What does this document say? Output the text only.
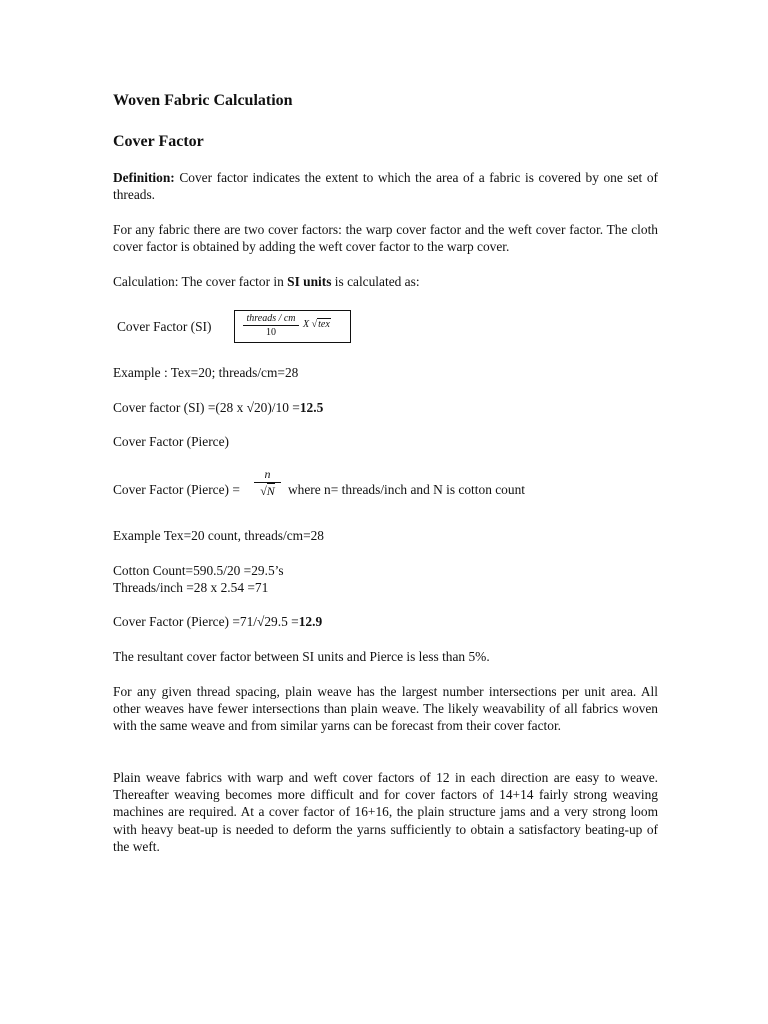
Woven Fabric Calculation
Cover Factor
Definition: Cover factor indicates the extent to which the area of a fabric is covered by one set of threads.
For any fabric there are two cover factors: the warp cover factor and the weft cover factor. The cloth cover factor is obtained by adding the weft cover factor to the warp cover.
Calculation: The cover factor in SI units is calculated as:
Cover Factor (SI)
threads / cm
10
X √tex
Example : Tex=20; threads/cm=28
Cover factor (SI) =(28 x √20)/10 =12.5
Cover Factor (Pierce)
Cover Factor (Pierce) =
n
√N where n= threads/inch and N is cotton count
Example Tex=20 count, threads/cm=28
Cotton Count=590.5/20 =29.5’s
Threads/inch =28 x 2.54 =71
Cover Factor (Pierce) =71/√29.5 =12.9
The resultant cover factor between SI units and Pierce is less than 5%.
For any given thread spacing, plain weave has the largest number intersections per unit area. All other weaves have fewer intersections than plain weave. The likely weavability of all fabrics woven with the same weave and from similar yarns can be forecast from their cover factor.
Plain weave fabrics with warp and weft cover factors of 12 in each direction are easy to weave. Thereafter weaving becomes more difficult and for cover factors of 14+14 fairly strong weaving machines are required. At a cover factor of 16+16, the plain structure jams and a very strong loom with heavy beat-up is needed to deform the yarns sufficiently to obtain a satisfactory beating-up of the weft.
